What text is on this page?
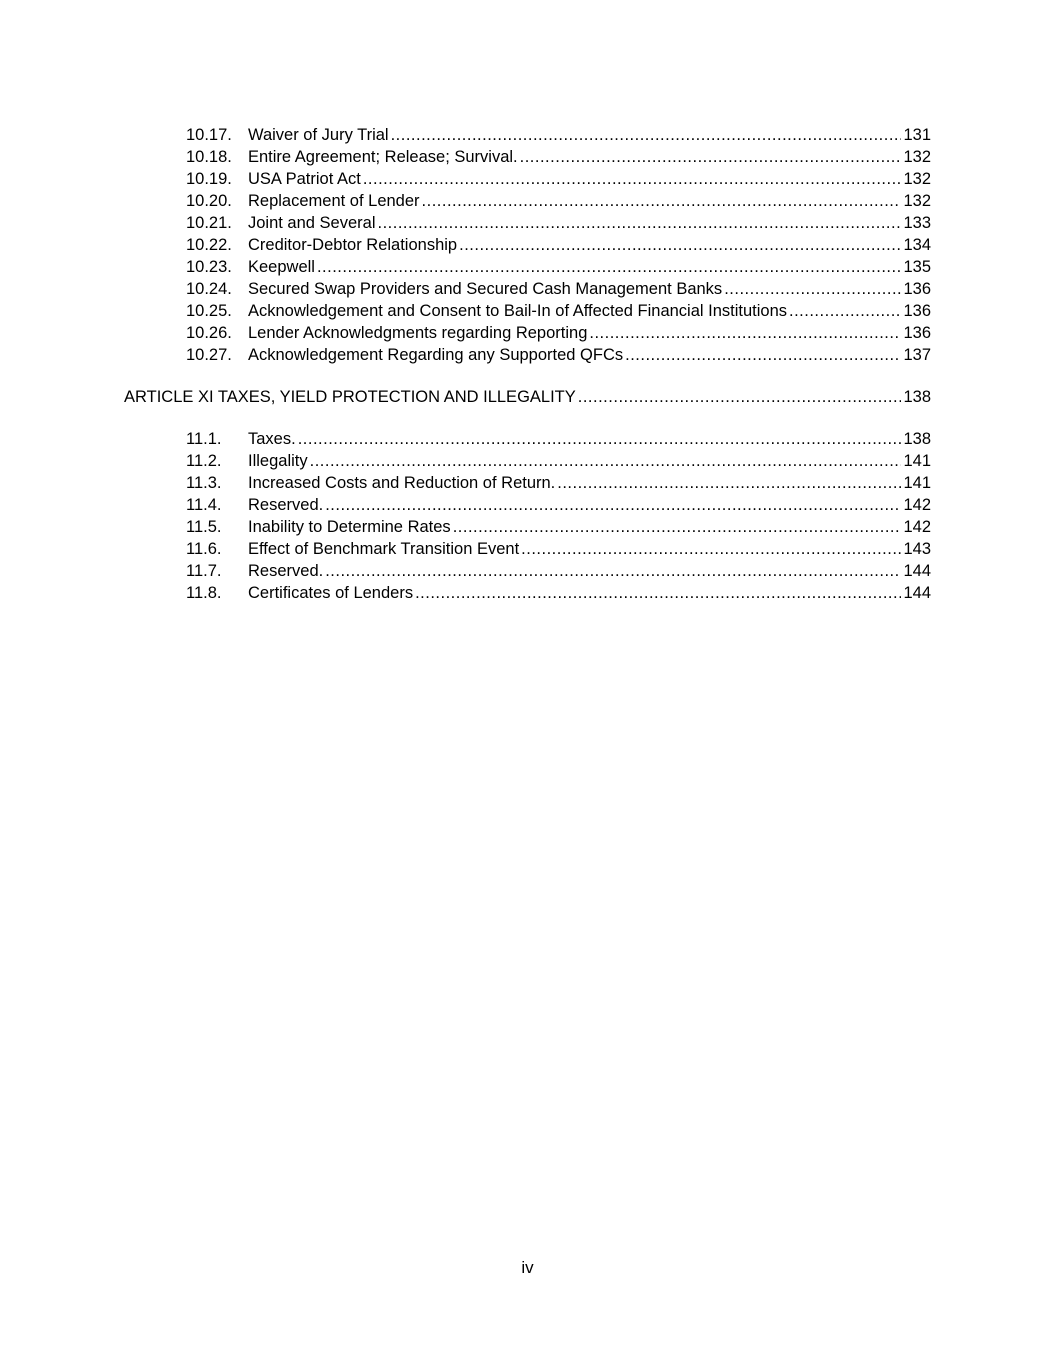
10.17. Waiver of Jury Trial .....	131
10.18. Entire Agreement; Release; Survival. .....	132
10.19. USA Patriot Act .....	132
10.20. Replacement of Lender .....	132
10.21. Joint and Several .....	133
10.22. Creditor-Debtor Relationship .....	134
10.23. Keepwell .....	135
10.24. Secured Swap Providers and Secured Cash Management Banks .....	136
10.25. Acknowledgement and Consent to Bail-In of Affected Financial Institutions .....	136
10.26. Lender Acknowledgments regarding Reporting .....	136
10.27. Acknowledgement Regarding any Supported QFCs .....	137
ARTICLE XI TAXES, YIELD PROTECTION AND ILLEGALITY .....	138
11.1.	Taxes. .....	138
11.2.	Illegality .....	141
11.3.	Increased Costs and Reduction of Return. .....	141
11.4.	Reserved. .....	142
11.5.	Inability to Determine Rates .....	142
11.6.	Effect of Benchmark Transition Event .....	143
11.7.	Reserved. .....	144
11.8.	Certificates of Lenders .....	144
iv
